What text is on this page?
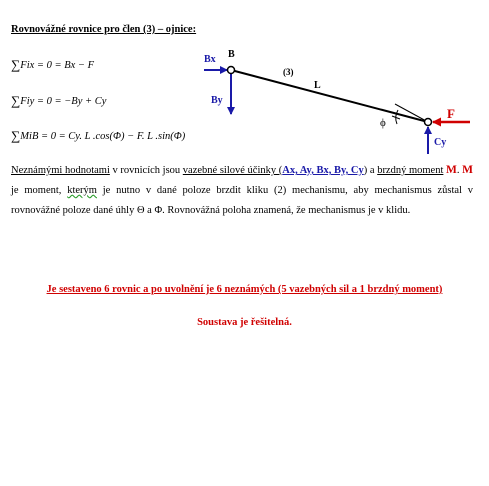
Rovnovážné rovnice pro člen (3) – ojnice:
∑Fix = 0 = Bx − F
∑Fiy = 0 = −By + Cy
∑MiB = 0 = Cy. L .cos(Φ) − F. L .sin(Φ)
B
Bx
By
(3)
L
ϕ
F
Cy
Neznámými hodnotami v rovnicích jsou vazebné silové účinky (Ax, Ay, Bx, By, Cy) a brzdný moment M. M je moment, kterým je nutno v dané poloze brzdit kliku (2) mechanismu, aby mechanismus zůstal v rovnovážné poloze dané úhly Θ a Φ. Rovnovážná poloha znamená, že mechanismus je v klidu.
Je sestaveno 6 rovnic a po uvolnění je 6 neznámých (5 vazebných sil a 1 brzdný moment)
Soustava je řešitelná.
